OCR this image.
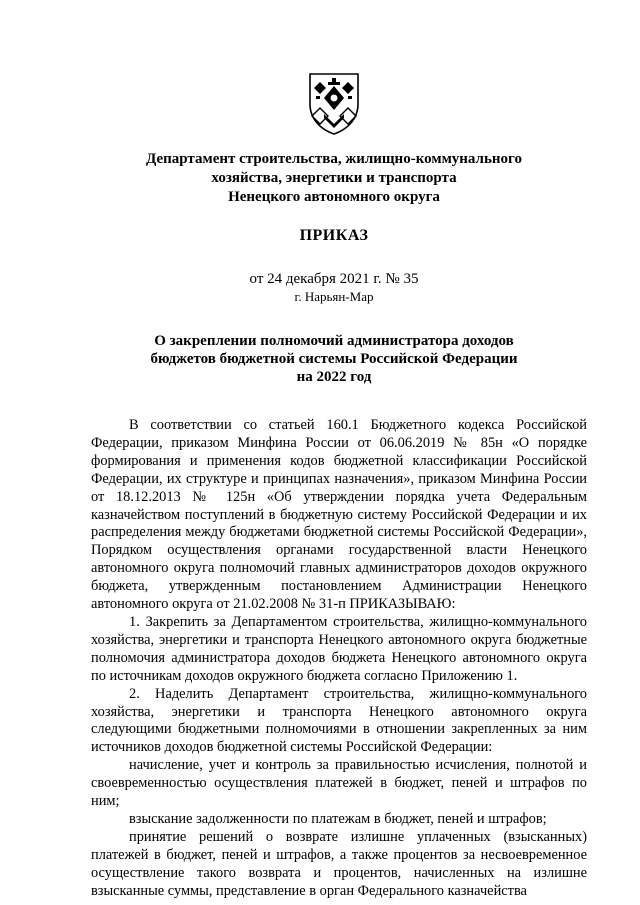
Департамент строительства, жилищно-коммунального
хозяйства, энергетики и транспорта
Ненецкого автономного округа
ПРИКАЗ
от 24 декабря 2021 г. № 35
г. Нарьян-Мар
О закреплении полномочий администратора доходов
бюджетов бюджетной системы Российской Федерации
на 2022 год

В соответствии со статьей 160.1 Бюджетного кодекса Российской Федерации, приказом Минфина России от 06.06.2019 № 85н «О порядке формирования и применения кодов бюджетной классификации Российской Федерации, их структуре и принципах назначения», приказом Минфина России от 18.12.2013 № 125н «Об утверждении порядка учета Федеральным казначейством поступлений в бюджетную систему Российской Федерации и их распределения между бюджетами бюджетной системы Российской Федерации», Порядком осуществления органами государственной власти Ненецкого автономного округа полномочий главных администраторов доходов окружного бюджета, утвержденным постановлением Администрации Ненецкого автономного округа от 21.02.2008 № 31-п ПРИКАЗЫВАЮ:

1. Закрепить за Департаментом строительства, жилищно-коммунального хозяйства, энергетики и транспорта Ненецкого автономного округа бюджетные полномочия администратора доходов бюджета Ненецкого автономного округа по источникам доходов окружного бюджета согласно Приложению 1.

2. Наделить Департамент строительства, жилищно-коммунального хозяйства, энергетики и транспорта Ненецкого автономного округа следующими бюджетными полномочиями в отношении закрепленных за ним источников доходов бюджетной системы Российской Федерации:

начисление, учет и контроль за правильностью исчисления, полнотой и своевременностью осуществления платежей в бюджет, пеней и штрафов по ним;

взыскание задолженности по платежам в бюджет, пеней и штрафов;

принятие решений о возврате излишне уплаченных (взысканных) платежей в бюджет, пеней и штрафов, а также процентов за несвоевременное осуществление такого возврата и процентов, начисленных на излишне взысканные суммы, представление в орган Федерального казначейства
